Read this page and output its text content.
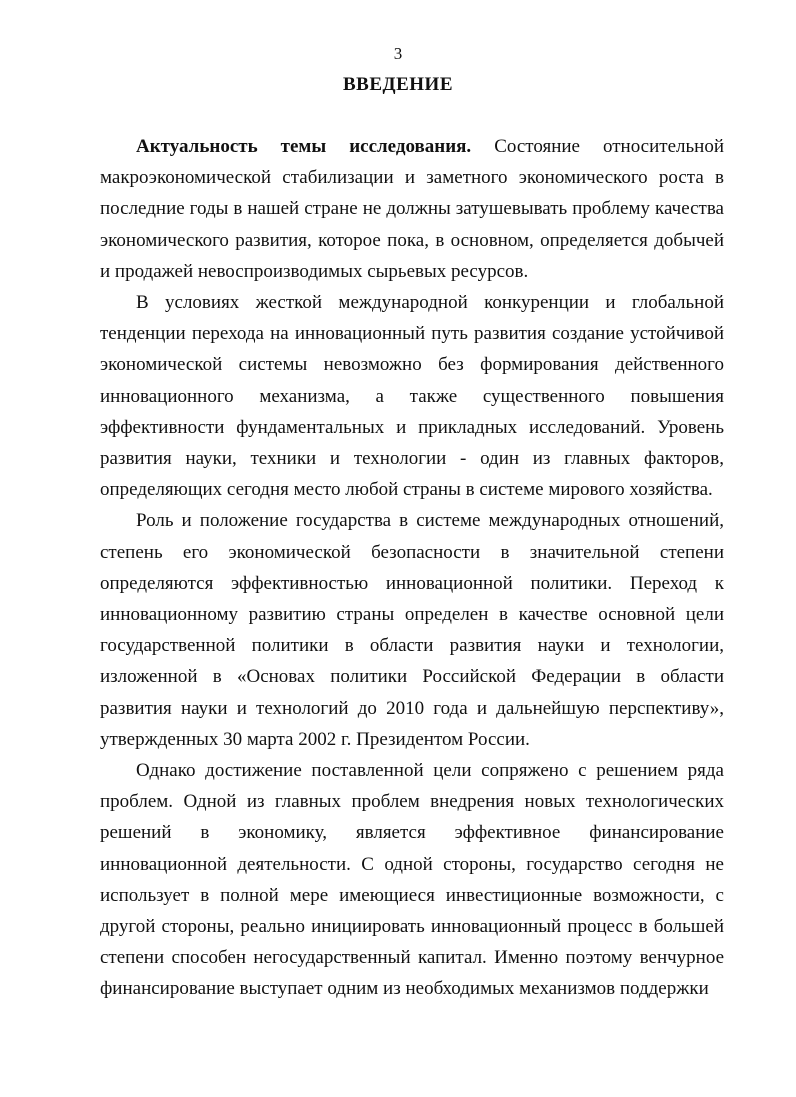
3
ВВЕДЕНИЕ

Актуальность темы исследования. Состояние относительной макроэкономической стабилизации и заметного экономического роста в последние годы в нашей стране не должны затушевывать проблему качества экономического развития, которое пока, в основном, определяется добычей и продажей невоспроизводимых сырьевых ресурсов.

В условиях жесткой международной конкуренции и глобальной тенденции перехода на инновационный путь развития создание устойчивой экономической системы невозможно без формирования действенного инновационного механизма, а также существенного повышения эффективности фундаментальных и прикладных исследований. Уровень развития науки, техники и технологии - один из главных факторов, определяющих сегодня место любой страны в системе мирового хозяйства.

Роль и положение государства в системе международных отношений, степень его экономической безопасности в значительной степени определяются эффективностью инновационной политики. Переход к инновационному развитию страны определен в качестве основной цели государственной политики в области развития науки и технологии, изложенной в «Основах политики Российской Федерации в области развития науки и технологий до 2010 года и дальнейшую перспективу», утвержденных 30 марта 2002 г. Президентом России.

Однако достижение поставленной цели сопряжено с решением ряда проблем. Одной из главных проблем внедрения новых технологических решений в экономику, является эффективное финансирование инновационной деятельности. С одной стороны, государство сегодня не использует в полной мере имеющиеся инвестиционные возможности, с другой стороны, реально инициировать инновационный процесс в большей степени способен негосударственный капитал. Именно поэтому венчурное финансирование выступает одним из необходимых механизмов поддержки
